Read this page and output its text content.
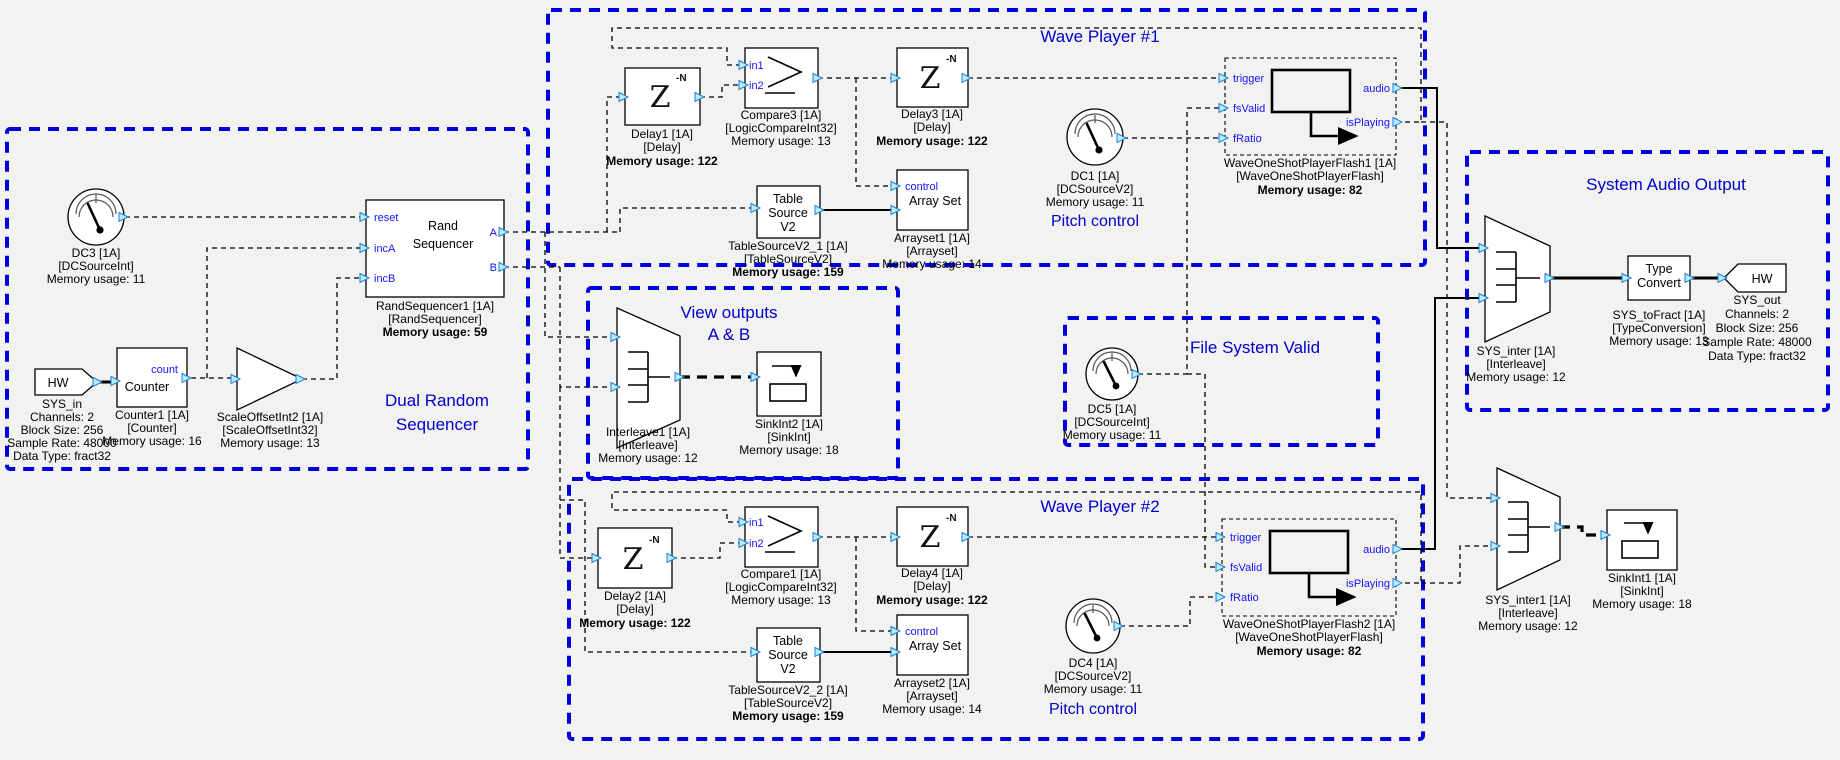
Dual Random
Sequencer
Wave Player #1
View outputs
A & B
File System Valid
Wave Player #2
System Audio Output
DC3 [1A]
[DCSourceInt]
Memory usage: 11
HW
SYS_in
Channels: 2
Block Size: 256
Sample Rate: 48000
Data Type: fract32
count
Counter
Counter1 [1A]
[Counter]
Memory usage: 16
ScaleOffsetInt2 [1A]
[ScaleOffsetInt32]
Memory usage: 13
reset
incA
incB
A
B
Rand
Sequencer
RandSequencer1 [1A]
[RandSequencer]
Memory usage: 59
Z
-N
Delay1 [1A]
[Delay]
Memory usage: 122
in1
in2
Compare3 [1A]
[LogicCompareInt32]
Memory usage: 13
Z
-N
Delay3 [1A]
[Delay]
Memory usage: 122
Table
Source
V2
TableSourceV2_1 [1A]
[TableSourceV2]
Memory usage: 159
control
Array Set
Arrayset1 [1A]
[Arrayset]
Memory usage: 14
DC1 [1A]
[DCSourceV2]
Memory usage: 11
Pitch control
trigger
fsValid
fRatio
audio
isPlaying
WaveOneShotPlayerFlash1 [1A]
[WaveOneShotPlayerFlash]
Memory usage: 82
Interleave1 [1A]
[Interleave]
Memory usage: 12
SinkInt2 [1A]
[SinkInt]
Memory usage: 18
DC5 [1A]
[DCSourceInt]
Memory usage: 11
Z
-N
Delay2 [1A]
[Delay]
Memory usage: 122
in1
in2
Compare1 [1A]
[LogicCompareInt32]
Memory usage: 13
Z
-N
Delay4 [1A]
[Delay]
Memory usage: 122
Table
Source
V2
TableSourceV2_2 [1A]
[TableSourceV2]
Memory usage: 159
control
Array Set
Arrayset2 [1A]
[Arrayset]
Memory usage: 14
DC4 [1A]
[DCSourceV2]
Memory usage: 11
Pitch control
trigger
fsValid
fRatio
audio
isPlaying
WaveOneShotPlayerFlash2 [1A]
[WaveOneShotPlayerFlash]
Memory usage: 82
SYS_inter [1A]
[Interleave]
Memory usage: 12
Type
Convert
SYS_toFract [1A]
[TypeConversion]
Memory usage: 13
HW
SYS_out
Channels: 2
Block Size: 256
Sample Rate: 48000
Data Type: fract32
SYS_inter1 [1A]
[Interleave]
Memory usage: 12
SinkInt1 [1A]
[SinkInt]
Memory usage: 18
